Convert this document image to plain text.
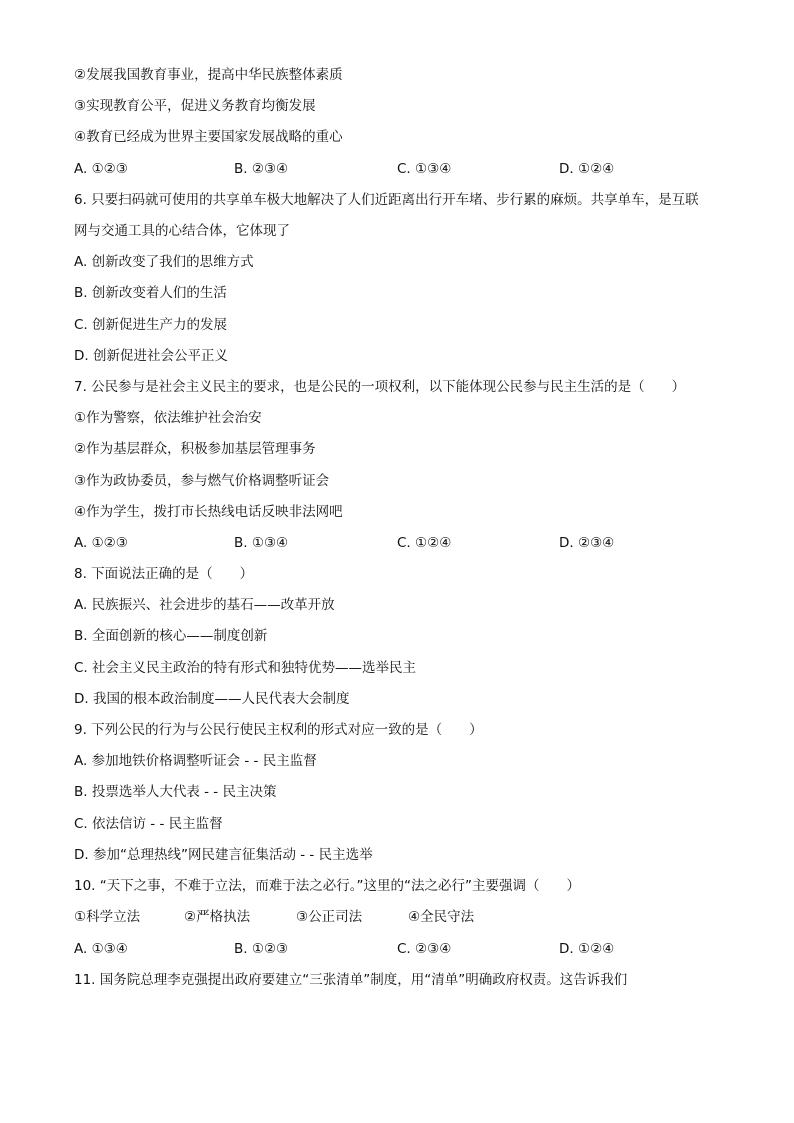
②发展我国教育事业，提高中华民族整体素质
③实现教育公平，促进义务教育均衡发展
④教育已经成为世界主要国家发展战略的重心
A. ①②③	B. ②③④	C. ①③④	D. ①②④
6. 只要扫码就可使用的共享单车极大地解决了人们近距离出行开车堵、步行累的麻烦。共享单车，是互联
网与交通工具的心结合体，它体现了
A. 创新改变了我们的思维方式
B. 创新改变着人们的生活
C. 创新促进生产力的发展
D. 创新促进社会公平正义
7. 公民参与是社会主义民主的要求，也是公民的一项权利，以下能体现公民参与民主生活的是（　　）
①作为警察，依法维护社会治安
②作为基层群众，积极参加基层管理事务
③作为政协委员，参与燃气价格调整听证会
④作为学生，拨打市长热线电话反映非法网吧
A. ①②③	B. ①③④	C. ①②④	D. ②③④
8. 下面说法正确的是（　　）
A. 民族振兴、社会进步的基石——改革开放
B. 全面创新的核心——制度创新
C. 社会主义民主政治的特有形式和独特优势——选举民主
D. 我国的根本政治制度——人民代表大会制度
9. 下列公民的行为与公民行使民主权利的形式对应一致的是（　　）
A. 参加地铁价格调整听证会 - - 民主监督
B. 投票选举人大代表 - - 民主决策
C. 依法信访 - - 民主监督
D. 参加“总理热线”网民建言征集活动 - - 民主选举
10. “天下之事，不难于立法，而难于法之必行。”这里的“法之必行”主要强调（　　）
①科学立法	②严格执法	③公正司法	④全民守法
A. ①③④	B. ①②③	C. ②③④	D. ①②④
11. 国务院总理李克强提出政府要建立“三张清单”制度，用“清单”明确政府权责。这告诉我们
